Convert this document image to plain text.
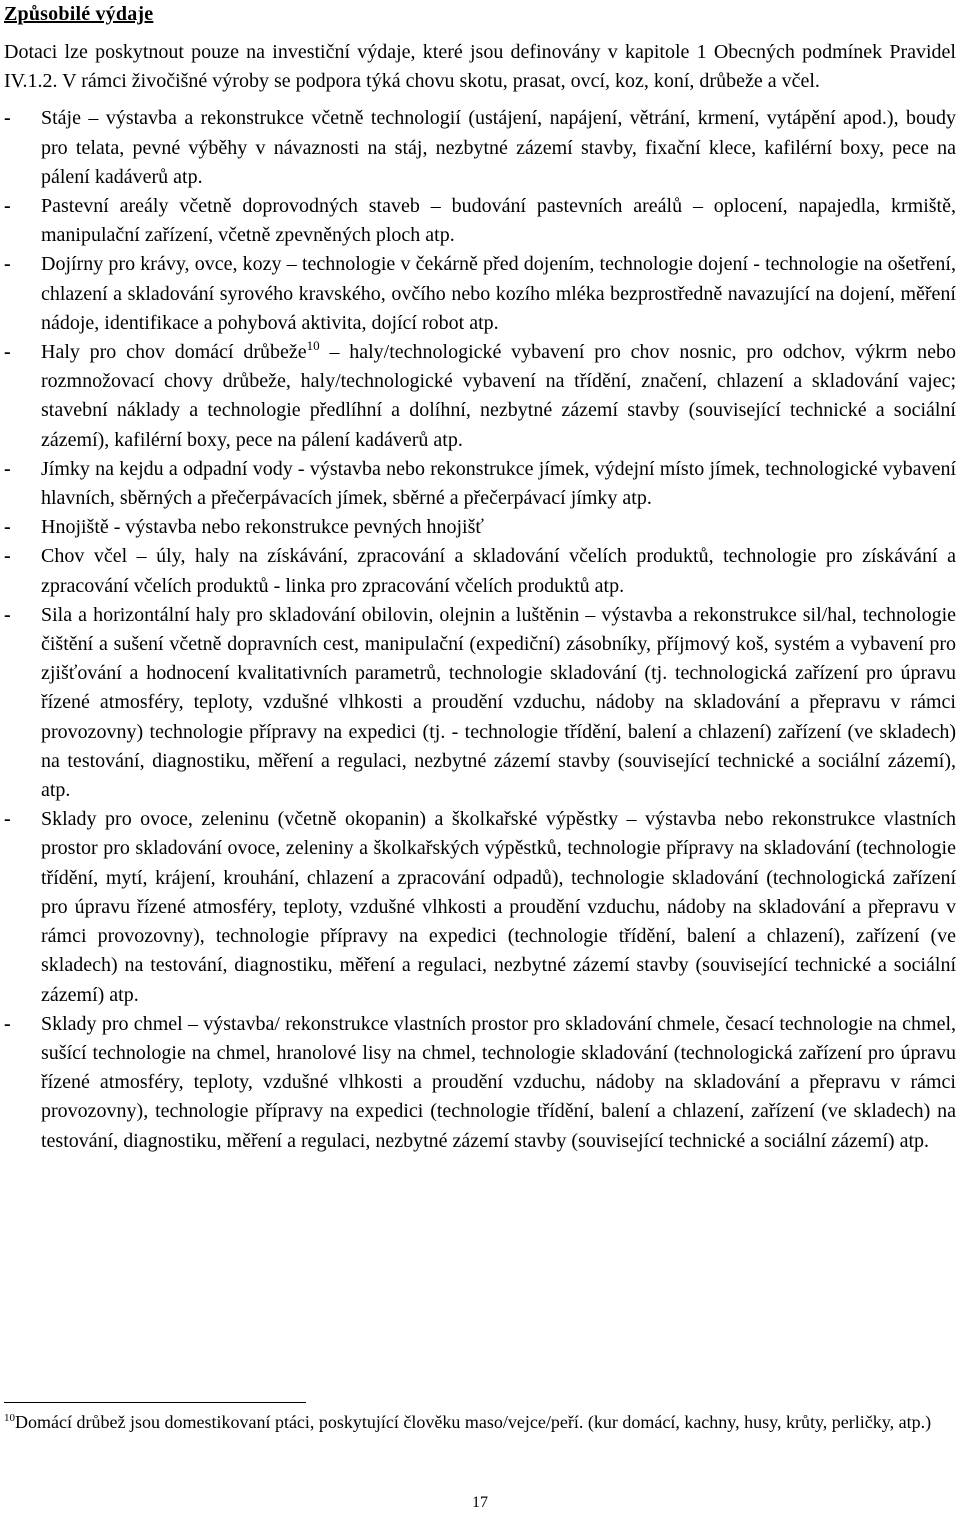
Způsobilé výdaje

Dotaci lze poskytnout pouze na investiční výdaje, které jsou definovány v kapitole 1 Obecných podmínek Pravidel IV.1.2. V rámci živočišné výroby se podpora týká chovu skotu, prasat, ovcí, koz, koní, drůbeže a včel.

-	Stáje – výstavba a rekonstrukce včetně technologií (ustájení, napájení, větrání, krmení, vytápění apod.), boudy pro telata, pevné výběhy v návaznosti na stáj, nezbytné zázemí stavby, fixační klece, kafilérní boxy, pece na pálení kadáverů atp.
-	Pastevní areály včetně doprovodných staveb – budování pastevních areálů – oplocení, napajedla, krmiště, manipulační zařízení, včetně zpevněných ploch atp.
-	Dojírny pro krávy, ovce, kozy – technologie v čekárně před dojením, technologie dojení - technologie na ošetření, chlazení a skladování syrového kravského, ovčího nebo kozího mléka bezprostředně navazující na dojení, měření nádoje, identifikace a pohybová aktivita, dojící robot atp.
-	Haly pro chov domácí drůbeže$^{10}$ – haly/technologické vybavení pro chov nosnic, pro odchov, výkrm nebo rozmnožovací chovy drůbeže, haly/technologické vybavení na třídění, značení, chlazení a skladování vajec; stavební náklady a technologie předlíhní a dolíhní, nezbytné zázemí stavby (související technické a sociální zázemí), kafilérní boxy, pece na pálení kadáverů atp.
-	Jímky na kejdu a odpadní vody - výstavba nebo rekonstrukce jímek, výdejní místo jímek, technologické vybavení hlavních, sběrných a přečerpávacích jímek, sběrné a přečerpávací jímky atp.
-	Hnojiště - výstavba nebo rekonstrukce pevných hnojišť
-	Chov včel – úly, haly na získávání, zpracování a skladování včelích produktů, technologie pro získávání a zpracování včelích produktů - linka pro zpracování včelích produktů atp.
-	Sila a horizontální haly pro skladování obilovin, olejnin a luštěnin – výstavba a rekonstrukce sil/hal, technologie čištění a sušení včetně dopravních cest, manipulační (expediční) zásobníky, příjmový koš, systém a vybavení pro zjišťování a hodnocení kvalitativních parametrů, technologie skladování (tj. technologická zařízení pro úpravu řízené atmosféry, teploty, vzdušné vlhkosti a proudění vzduchu, nádoby na skladování a přepravu v rámci provozovny) technologie přípravy na expedici (tj. - technologie třídění, balení a chlazení) zařízení (ve skladech) na testování, diagnostiku, měření a regulaci, nezbytné zázemí stavby (související technické a sociální zázemí), atp.
-	Sklady pro ovoce, zeleninu (včetně okopanin) a školkařské výpěstky – výstavba nebo rekonstrukce vlastních prostor pro skladování ovoce, zeleniny a školkařských výpěstků, technologie přípravy na skladování (technologie třídění, mytí, krájení, krouhání, chlazení a zpracování odpadů), technologie skladování (technologická zařízení pro úpravu řízené atmosféry, teploty, vzdušné vlhkosti a proudění vzduchu, nádoby na skladování a přepravu v rámci provozovny), technologie přípravy na expedici (technologie třídění, balení a chlazení), zařízení (ve skladech) na testování, diagnostiku, měření a regulaci, nezbytné zázemí stavby (související technické a sociální zázemí) atp.
-	Sklady pro chmel – výstavba/ rekonstrukce vlastních prostor pro skladování chmele, česací technologie na chmel, sušící technologie na chmel, hranolové lisy na chmel, technologie skladování (technologická zařízení pro úpravu řízené atmosféry, teploty, vzdušné vlhkosti a proudění vzduchu, nádoby na skladování a přepravu v rámci provozovny), technologie přípravy na expedici (technologie třídění, balení a chlazení, zařízení (ve skladech) na testování, diagnostiku, měření a regulaci, nezbytné zázemí stavby (související technické a sociální zázemí) atp.

$^{10}$Domácí drůbež jsou domestikovaní ptáci, poskytující člověku maso/vejce/peří. (kur domácí, kachny, husy, krůty, perličky, atp.)

17
